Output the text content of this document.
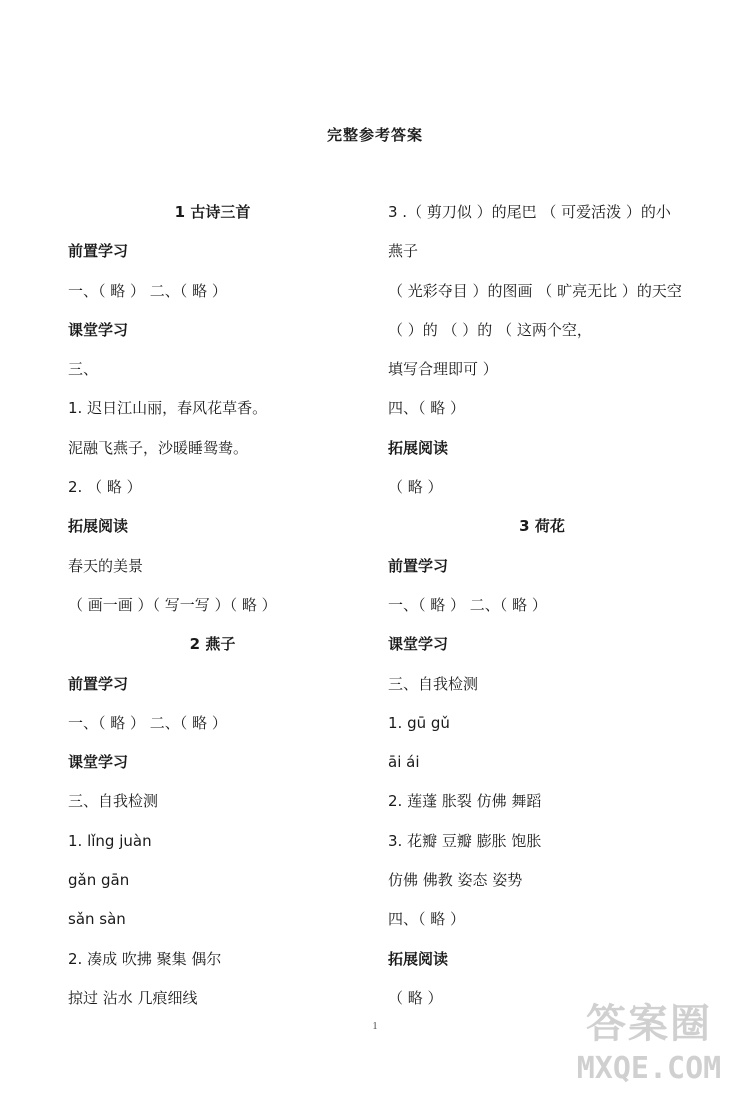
完整参考答案
1 古诗三首
前置学习
一、（ 略 ） 二、（ 略 ）
课堂学习
三、
1. 迟日江山丽，春风花草香。
泥融飞燕子，沙暖睡鸳鸯。
2. （ 略 ）
拓展阅读
春天的美景
（ 画一画 ）（ 写一写 ）（ 略 ）
2 燕子
前置学习
一、（ 略 ） 二、（ 略 ）
课堂学习
三、自我检测
1. lǐng juàn
gǎn gān
sǎn sàn
2. 凑成 吹拂 聚集 偶尔
掠过 沾水 几痕细线
3 .（ 剪刀似 ）的尾巴 （ 可爱活泼 ）的小
燕子
（ 光彩夺目 ）的图画 （ 旷亮无比 ）的天空
（ ）的 （ ）的 （ 这两个空，
填写合理即可 ）
四、（ 略 ）
拓展阅读
（ 略 ）
3 荷花
前置学习
一、（ 略 ） 二、（ 略 ）
课堂学习
三、自我检测
1. gū gǔ
āi ái
2. 莲蓬 胀裂 仿佛 舞蹈
3. 花瓣 豆瓣 膨胀 饱胀
仿佛 佛教 姿态 姿势
四、（ 略 ）
拓展阅读
（ 略 ）
1	答案圈
MXQE.COM
